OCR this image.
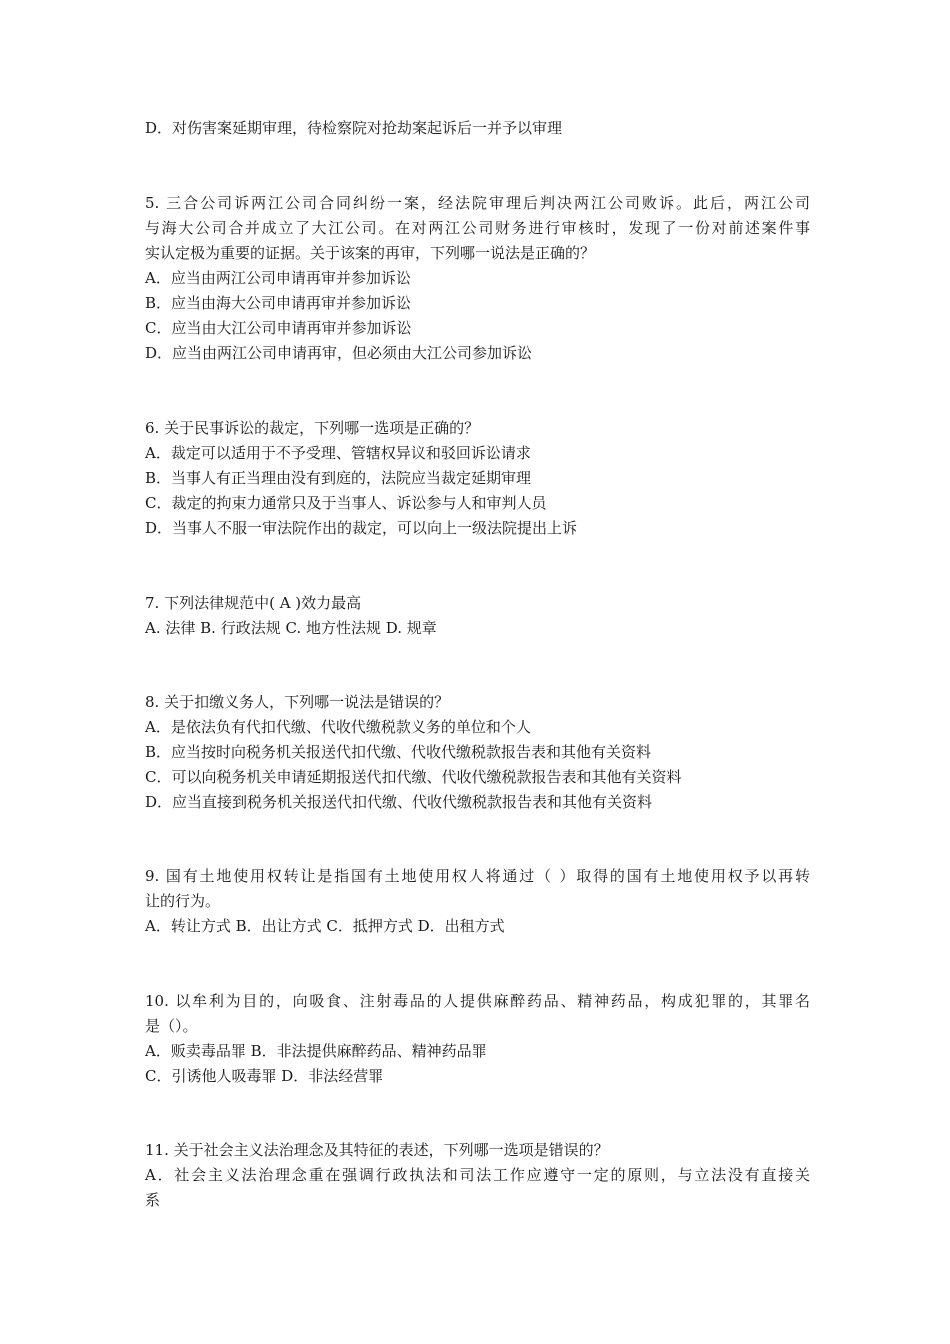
D．对伤害案延期审理，待检察院对抢劫案起诉后一并予以审理
5. 三合公司诉两江公司合同纠纷一案，经法院审理后判决两江公司败诉。此后，两江公司
与海大公司合并成立了大江公司。在对两江公司财务进行审核时，发现了一份对前述案件事
实认定极为重要的证据。关于该案的再审，下列哪一说法是正确的？
A．应当由两江公司申请再审并参加诉讼
B．应当由海大公司申请再审并参加诉讼
C．应当由大江公司申请再审并参加诉讼
D．应当由两江公司申请再审，但必须由大江公司参加诉讼
6. 关于民事诉讼的裁定，下列哪一选项是正确的？
A．裁定可以适用于不予受理、管辖权异议和驳回诉讼请求
B．当事人有正当理由没有到庭的，法院应当裁定延期审理
C．裁定的拘束力通常只及于当事人、诉讼参与人和审判人员
D．当事人不服一审法院作出的裁定，可以向上一级法院提出上诉
7. 下列法律规范中( A )效力最高
A. 法律 B. 行政法规 C. 地方性法规 D. 规章
8. 关于扣缴义务人，下列哪一说法是错误的？
A．是依法负有代扣代缴、代收代缴税款义务的单位和个人
B．应当按时向税务机关报送代扣代缴、代收代缴税款报告表和其他有关资料
C．可以向税务机关申请延期报送代扣代缴、代收代缴税款报告表和其他有关资料
D．应当直接到税务机关报送代扣代缴、代收代缴税款报告表和其他有关资料
9. 国有土地使用权转让是指国有土地使用权人将通过（ ）取得的国有土地使用权予以再转
让的行为。
A．转让方式 B．出让方式 C．抵押方式 D．出租方式
10. 以牟利为目的，向吸食、注射毒品的人提供麻醉药品、精神药品，构成犯罪的，其罪名
是（）。
A．贩卖毒品罪 B．非法提供麻醉药品、精神药品罪
C．引诱他人吸毒罪 D．非法经营罪
11. 关于社会主义法治理念及其特征的表述，下列哪一选项是错误的？
A．社会主义法治理念重在强调行政执法和司法工作应遵守一定的原则，与立法没有直接关
系
